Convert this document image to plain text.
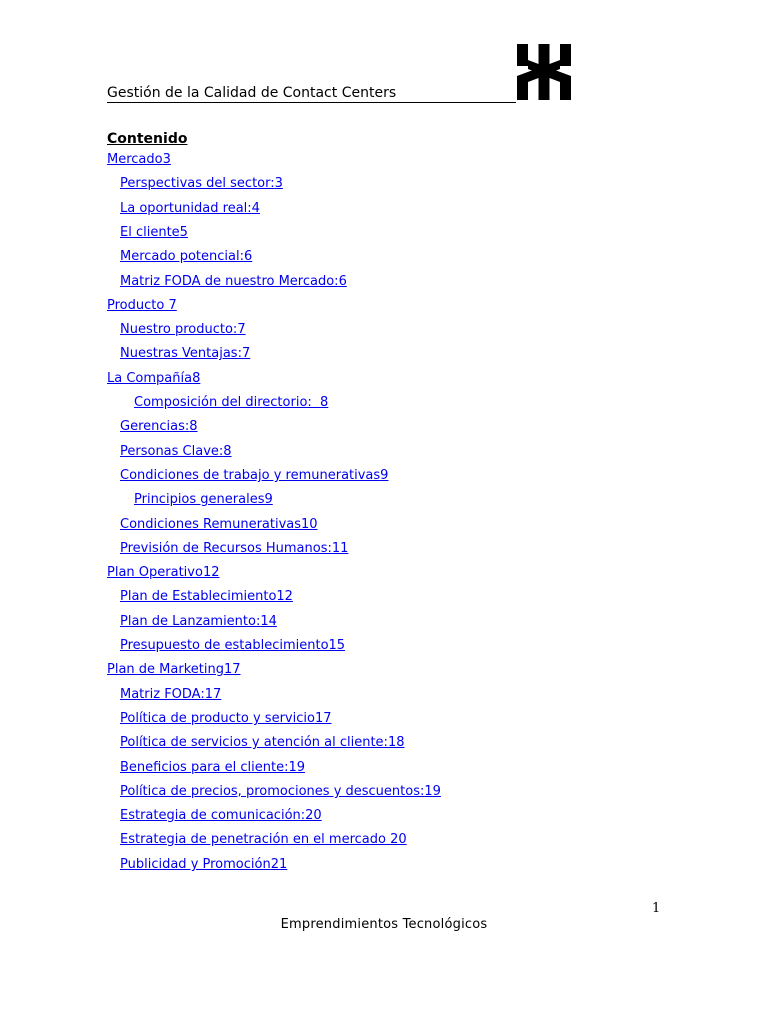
Gestión de la Calidad de Contact Centers
Contenido
Mercado 3
Perspectivas del sector: 3
La oportunidad real: 4
El cliente 5
Mercado potencial: 6
Matriz FODA de nuestro Mercado: 6
Producto 7
Nuestro producto: 7
Nuestras Ventajas: 7
La Compañía 8
Composición del directorio: 8
Gerencias: 8
Personas Clave: 8
Condiciones de trabajo y remunerativas 9
Principios generales 9
Condiciones Remunerativas 10
Previsión de Recursos Humanos: 11
Plan Operativo 12
Plan de Establecimiento 12
Plan de Lanzamiento: 14
Presupuesto de establecimiento 15
Plan de Marketing 17
Matriz FODA: 17
Política de producto y servicio 17
Política de servicios y atención al cliente: 18
Beneficios para el cliente: 19
Política de precios, promociones y descuentos: 19
Estrategia de comunicación: 20
Estrategia de penetración en el mercado 20
Publicidad y Promoción 21
1
Emprendimientos Tecnológicos
